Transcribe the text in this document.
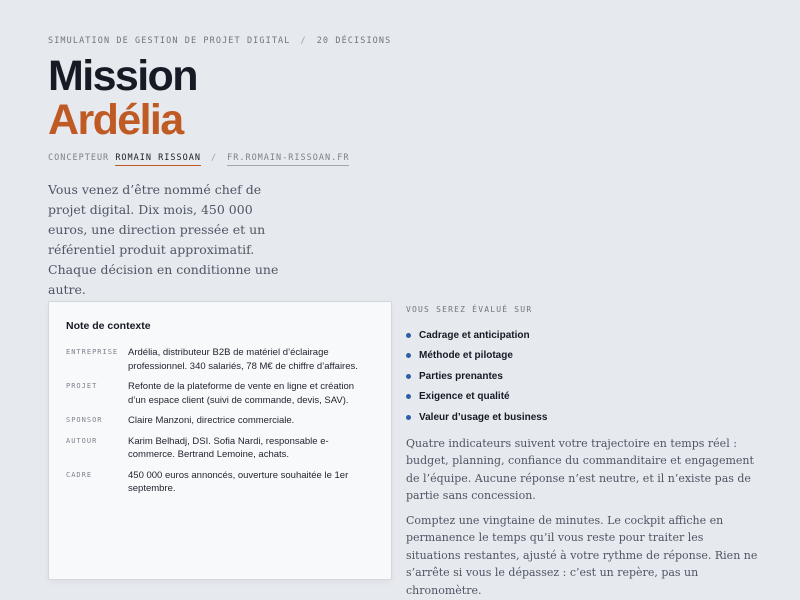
SIMULATION DE GESTION DE PROJET DIGITAL / 20 DÉCISIONS
Mission
Ardélia
CONCEPTEUR ROMAIN RISSOAN / FR.ROMAIN-RISSOAN.FR

Vous venez d’être nommé chef de projet digital. Dix mois, 450 000 euros, une direction pressée et un référentiel produit approximatif. Chaque décision en conditionne une autre.

Note de contexte
ENTREPRISE	Ardélia, distributeur B2B de matériel d’éclairage professionnel. 340 salariés, 78 M€ de chiffre d’affaires.
PROJET	Refonte de la plateforme de vente en ligne et création d’un espace client (suivi de commande, devis, SAV).
SPONSOR	Claire Manzoni, directrice commerciale.
AUTOUR	Karim Belhadj, DSI. Sofia Nardi, responsable e-commerce. Bertrand Lemoine, achats.
CADRE	450 000 euros annoncés, ouverture souhaitée le 1er septembre.
VOUS SEREZ ÉVALUÉ SUR
Cadrage et anticipation
Méthode et pilotage
Parties prenantes
Exigence et qualité
Valeur d’usage et business

Quatre indicateurs suivent votre trajectoire en temps réel : budget, planning, confiance du commanditaire et engagement de l’équipe. Aucune réponse n’est neutre, et il n’existe pas de partie sans concession.

Comptez une vingtaine de minutes. Le cockpit affiche en permanence le temps qu’il vous reste pour traiter les situations restantes, ajusté à votre rythme de réponse. Rien ne s’arrête si vous le dépassez : c’est un repère, pas un chronomètre.
